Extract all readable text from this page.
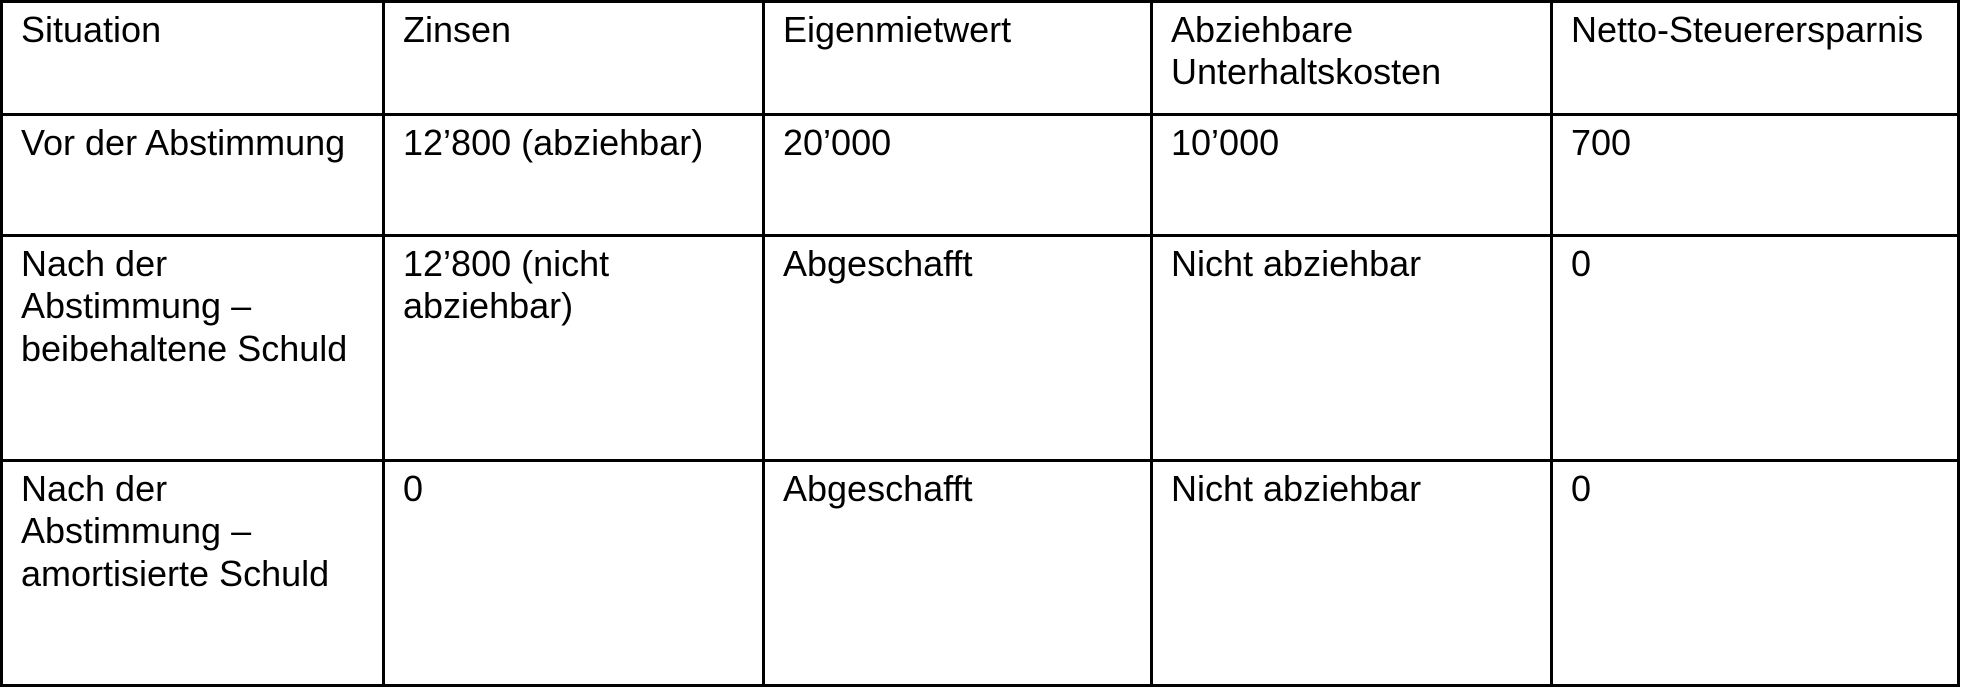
Situation	Zinsen	Eigenmietwert	Abziehbare Unterhaltskosten	Netto-Steuerersparnis
Vor der Abstimmung	12’800 (abziehbar)	20’000	10’000	700
Nach der Abstimmung – beibehaltene Schuld	12’800 (nicht abziehbar)	Abgeschafft	Nicht abziehbar	0
Nach der Abstimmung – amortisierte Schuld	0	Abgeschafft	Nicht abziehbar	0
